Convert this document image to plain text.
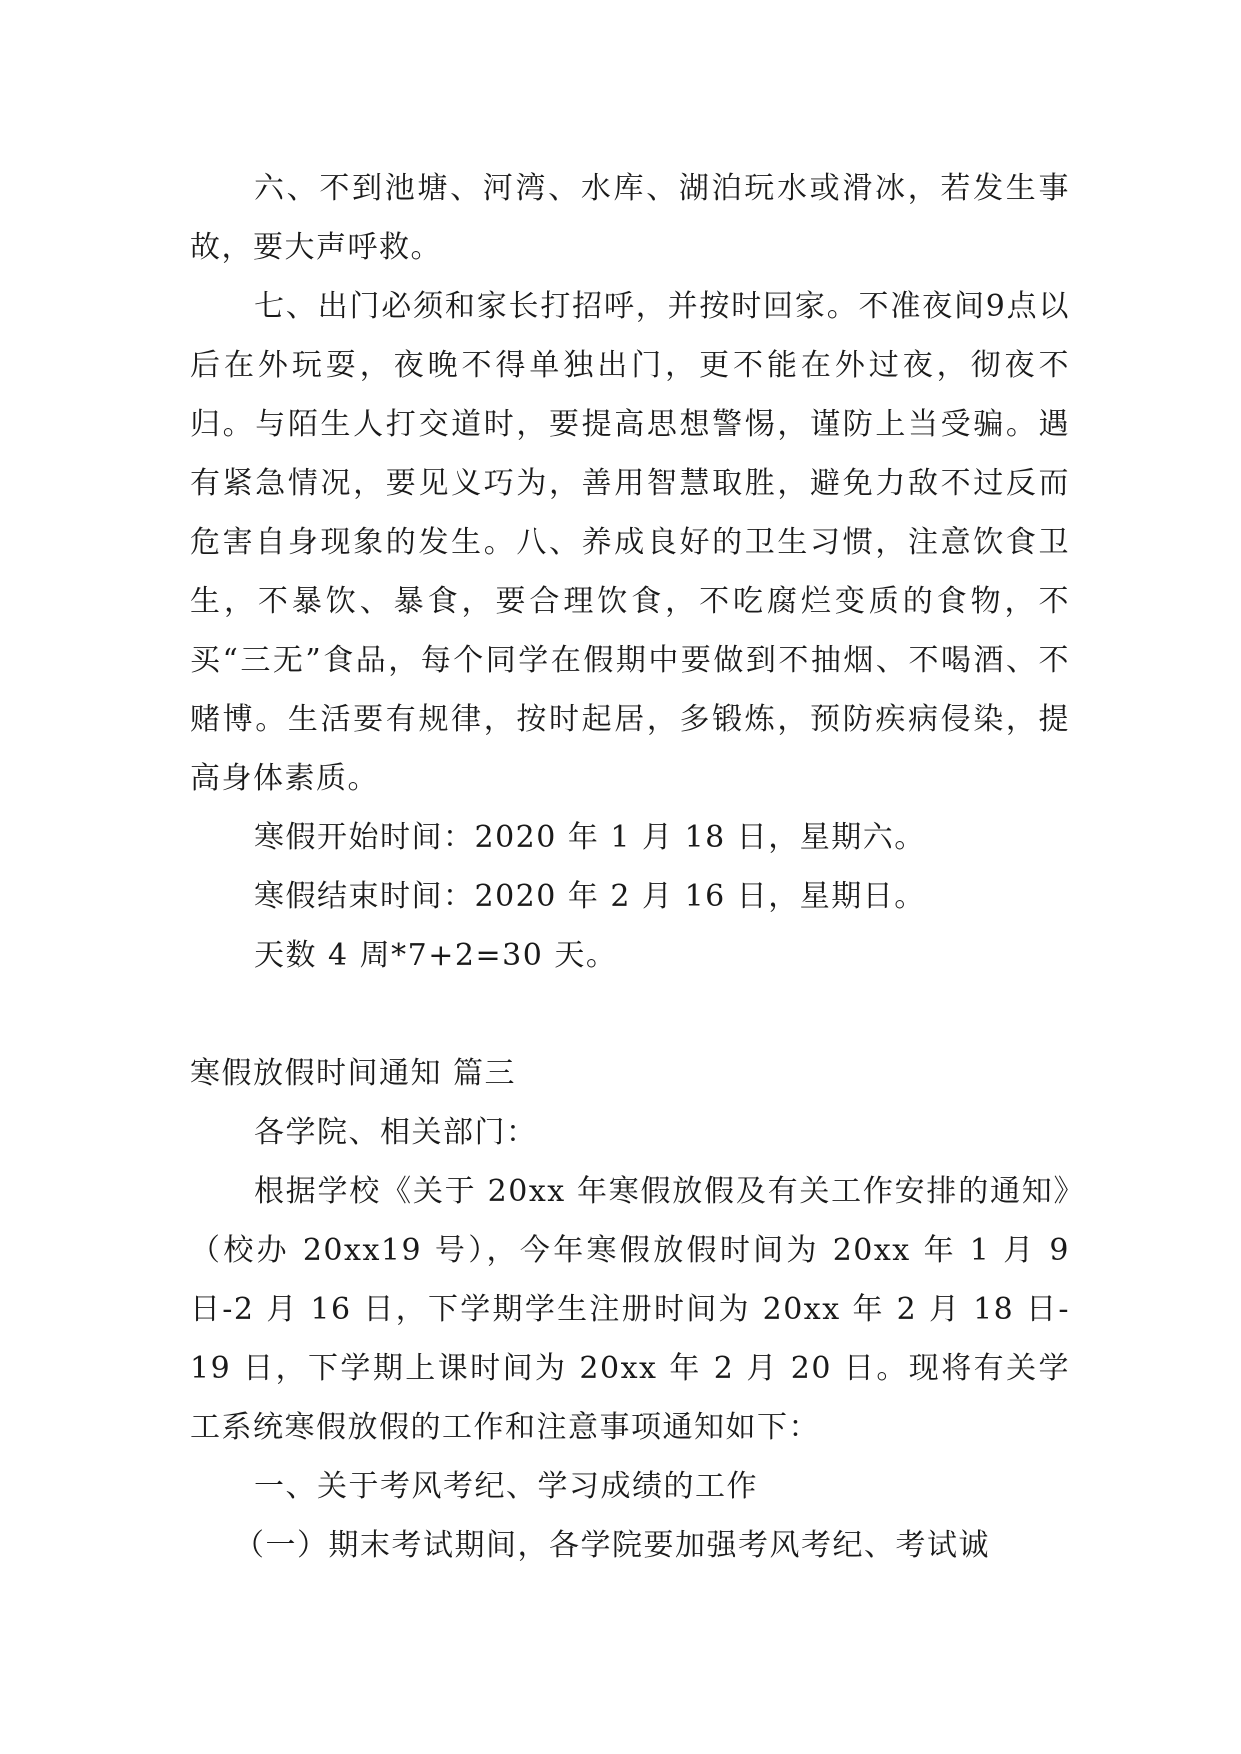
六、不到池塘、河湾、水库、湖泊玩水或滑冰，若发生事故，要大声呼救。

七、出门必须和家长打招呼，并按时回家。不准夜间9点以后在外玩耍，夜晚不得单独出门，更不能在外过夜，彻夜不归。与陌生人打交道时，要提高思想警惕，谨防上当受骗。遇有紧急情况，要见义巧为，善用智慧取胜，避免力敌不过反而危害自身现象的发生。八、养成良好的卫生习惯，注意饮食卫生，不暴饮、暴食，要合理饮食，不吃腐烂变质的食物，不买“三无”食品，每个同学在假期中要做到不抽烟、不喝酒、不赌博。生活要有规律，按时起居，多锻炼，预防疾病侵染，提高身体素质。

寒假开始时间：2020 年 1 月 18 日，星期六。

寒假结束时间：2020 年 2 月 16 日，星期日。

天数 4 周*7+2=30 天。

寒假放假时间通知 篇三

各学院、相关部门：

根据学校《关于 20xx 年寒假放假及有关工作安排的通知》（校办 20xx19 号），今年寒假放假时间为 20xx 年 1 月 9 日-2 月 16 日，下学期学生注册时间为 20xx 年 2 月 18 日-19 日，下学期上课时间为 20xx 年 2 月 20 日。现将有关学工系统寒假放假的工作和注意事项通知如下：

一、关于考风考纪、学习成绩的工作

（一）期末考试期间，各学院要加强考风考纪、考试诚
